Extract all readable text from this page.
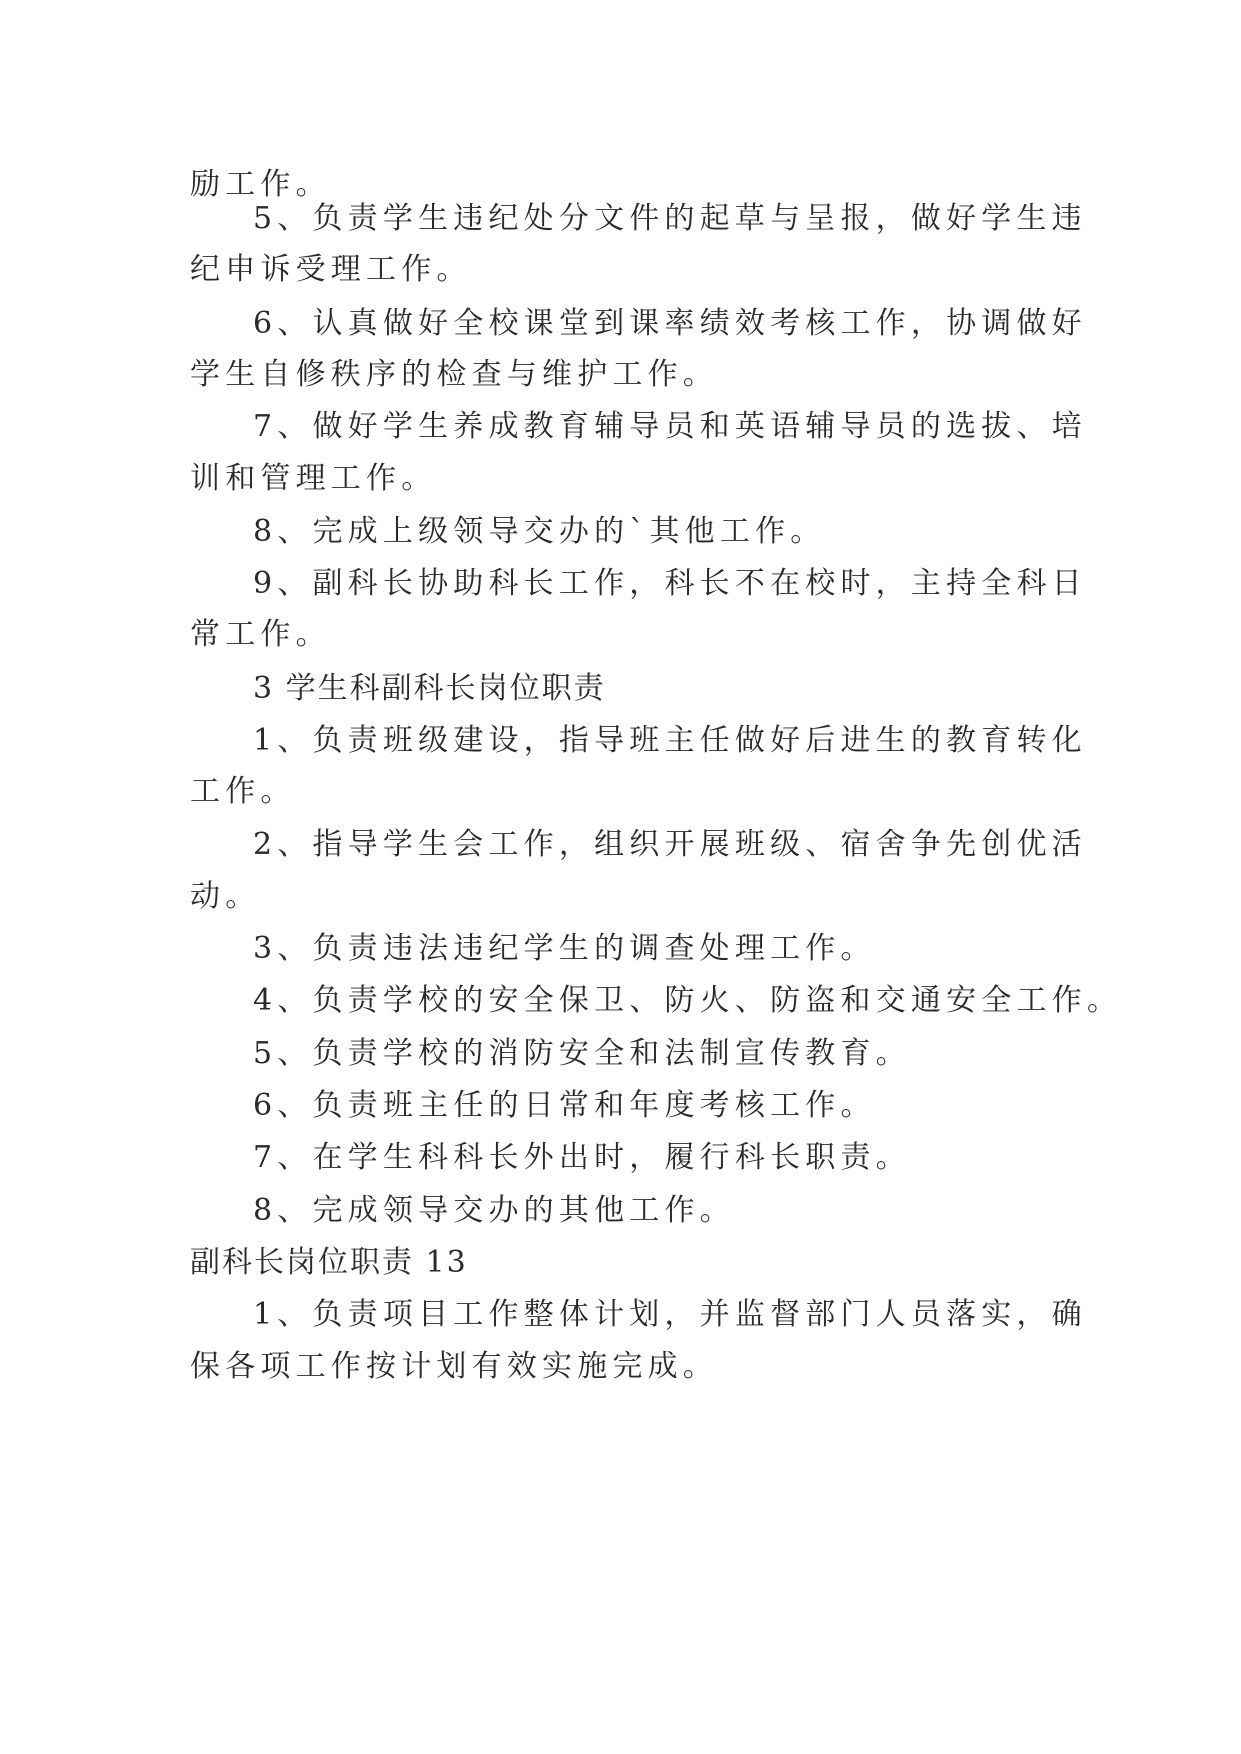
励工作。
5、负责学生违纪处分文件的起草与呈报，做好学生违
纪申诉受理工作。
6、认真做好全校课堂到课率绩效考核工作，协调做好
学生自修秩序的检查与维护工作。
7、做好学生养成教育辅导员和英语辅导员的选拔、培
训和管理工作。
8、完成上级领导交办的`其他工作。
9、副科长协助科长工作，科长不在校时，主持全科日
常工作。
3 学生科副科长岗位职责
1、负责班级建设，指导班主任做好后进生的教育转化
工作。
2、指导学生会工作，组织开展班级、宿舍争先创优活
动。
3、负责违法违纪学生的调查处理工作。
4、负责学校的安全保卫、防火、防盗和交通安全工作。
5、负责学校的消防安全和法制宣传教育。
6、负责班主任的日常和年度考核工作。
7、在学生科科长外出时，履行科长职责。
8、完成领导交办的其他工作。
副科长岗位职责 13
1、负责项目工作整体计划，并监督部门人员落实，确
保各项工作按计划有效实施完成。
